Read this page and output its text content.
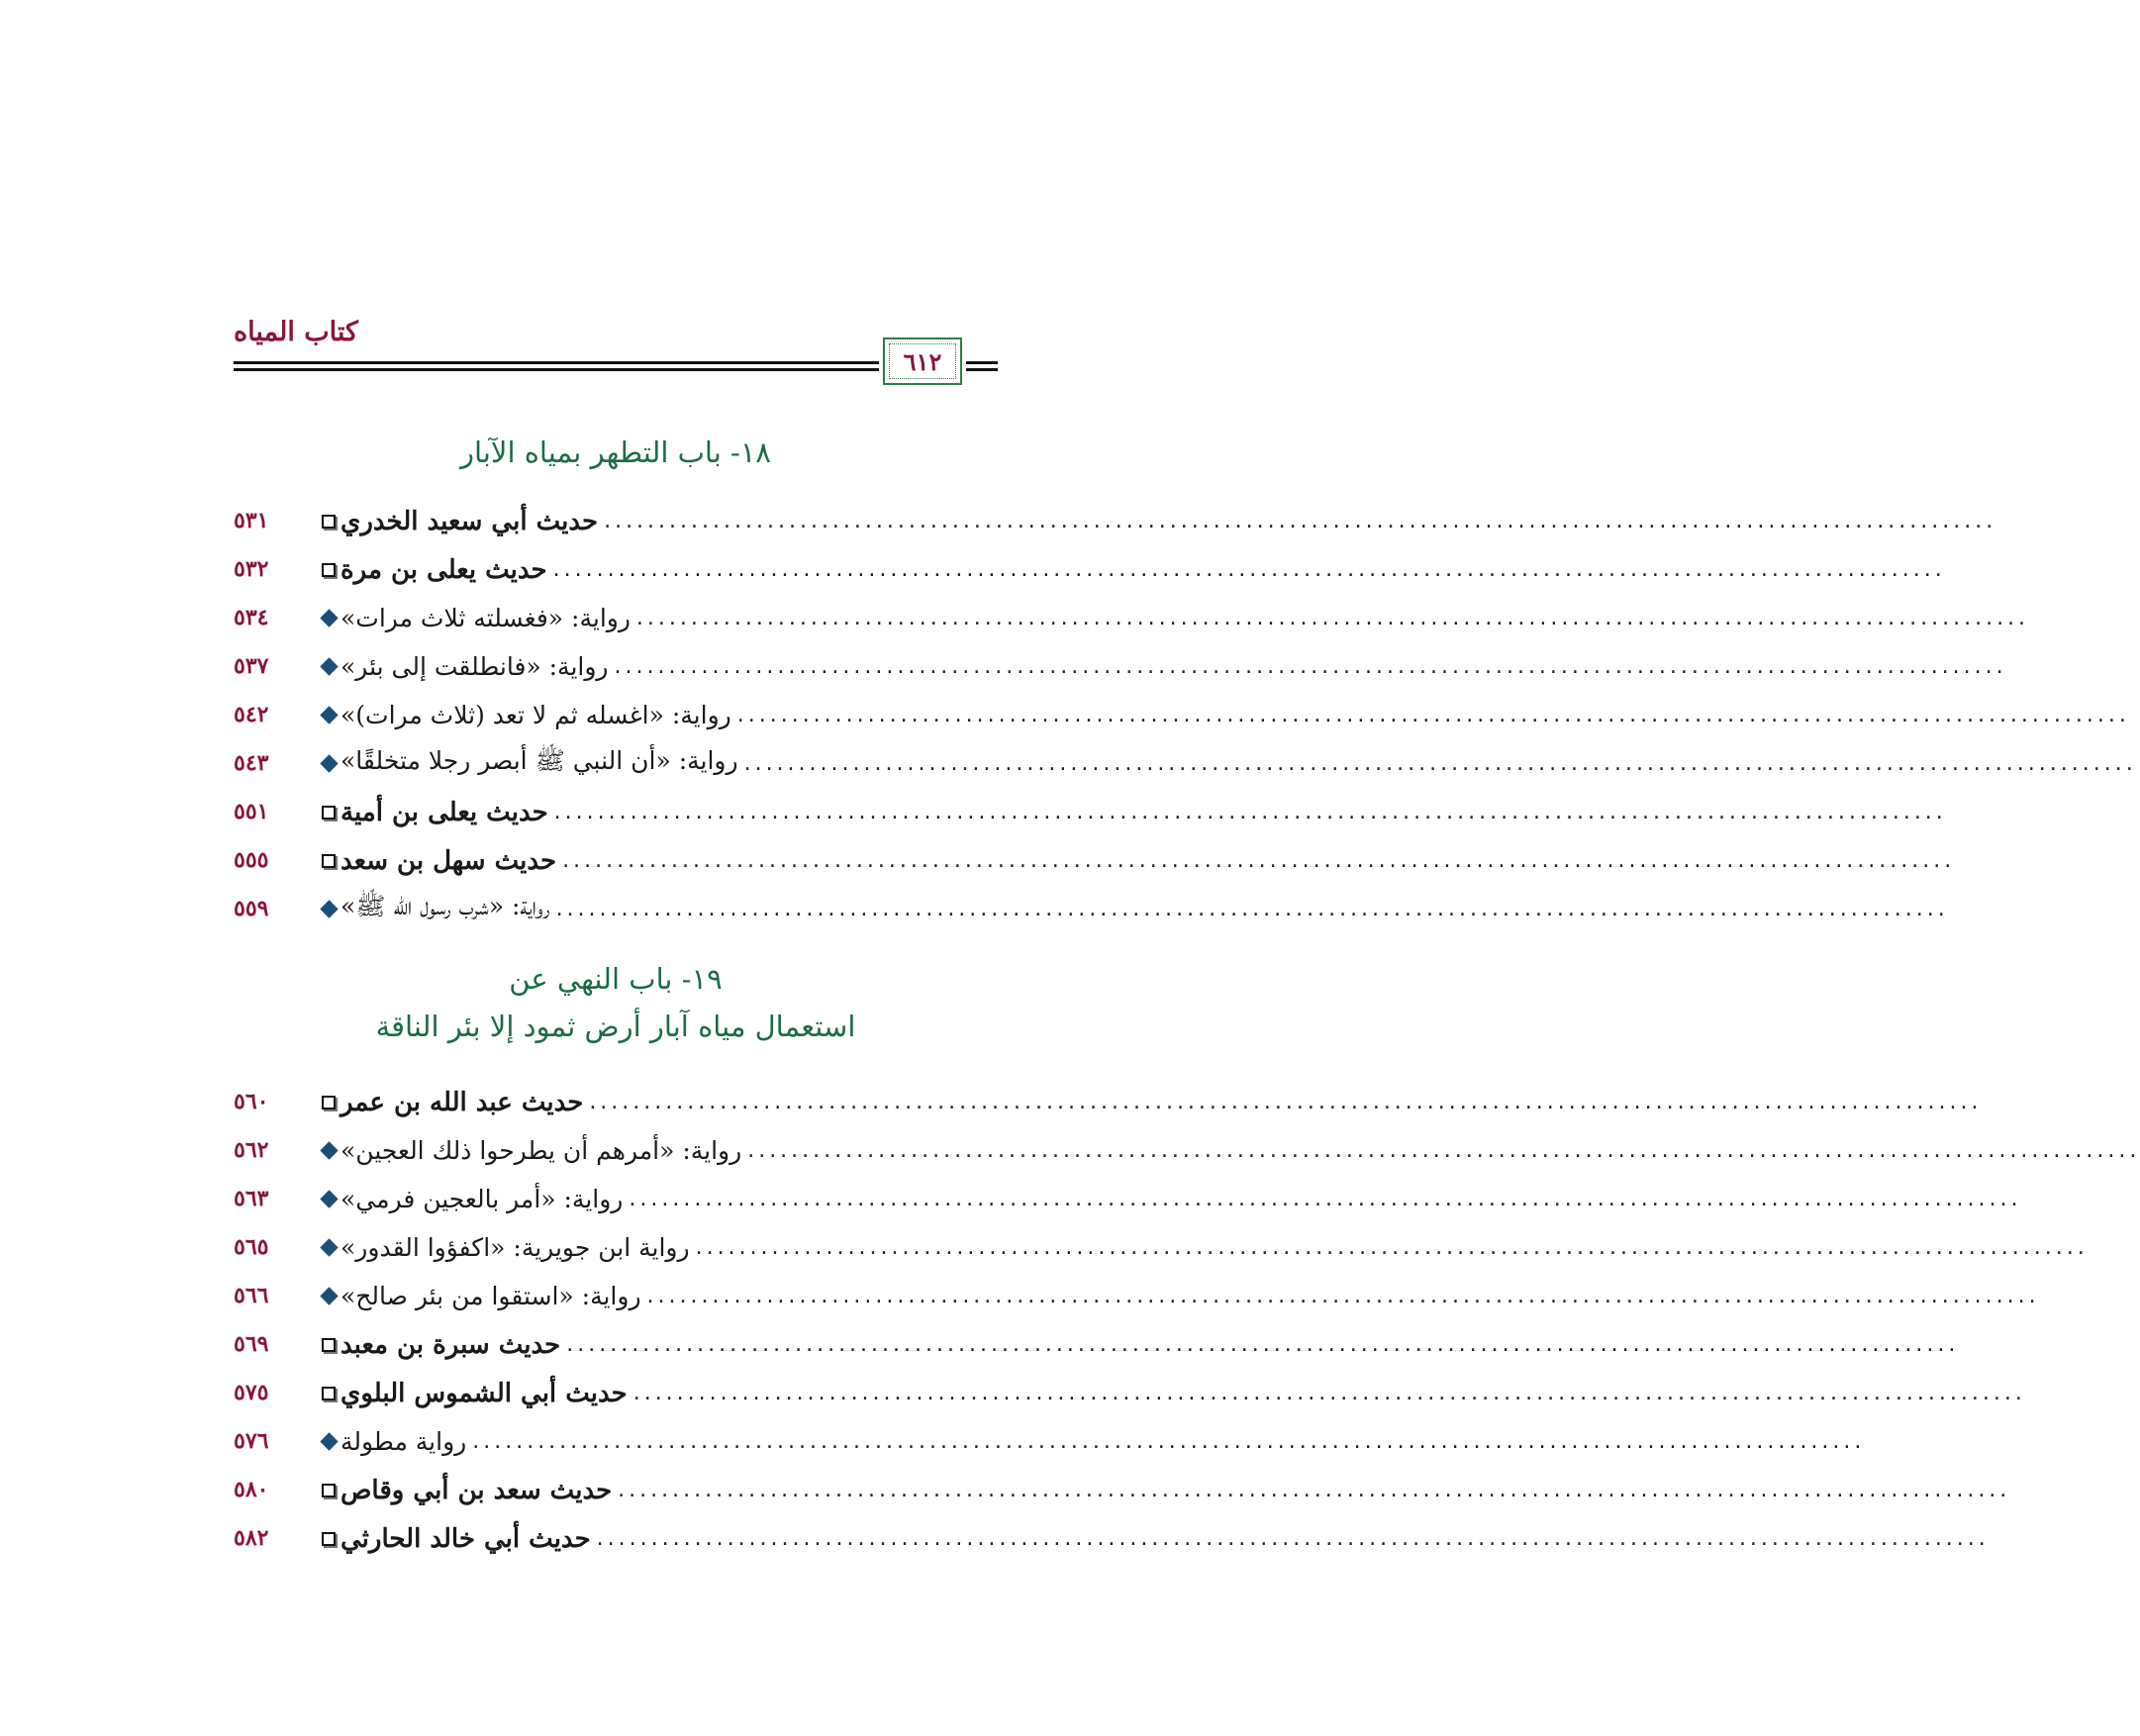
كتاب المياه
٦١٢
١٨- باب التطهر بمياه الآبار
٥٣١	حديث أبي سعيد الخدري ................................................................................................................................
٥٣٢	حديث يعلى بن مرة ................................................................................................................................
٥٣٤	رواية: «فغسلته ثلاث مرات» ................................................................................................................................
٥٣٧	رواية: «فانطلقت إلى بئر» ................................................................................................................................
٥٤٢	رواية: «اغسله ثم لا تعد (ثلاث مرات)» ................................................................................................................................
٥٤٣	رواية: «أن النبي ﷺ أبصر رجلا متخلقًا» ................................................................................................................................
٥٥١	حديث يعلى بن أمية ................................................................................................................................
٥٥٥	حديث سهل بن سعد ................................................................................................................................
٥٥٩	رواية: «شرب رسول الله ﷺ» ................................................................................................................................
١٩- باب النهي عن
استعمال مياه آبار أرض ثمود إلا بئر الناقة
٥٦٠	حديث عبد الله بن عمر ................................................................................................................................
٥٦٢	رواية: «أمرهم أن يطرحوا ذلك العجين» ................................................................................................................................
٥٦٣	رواية: «أمر بالعجين فرمي» ................................................................................................................................
٥٦٥	رواية ابن جويرية: «اكفؤوا القدور» ................................................................................................................................
٥٦٦	رواية: «استقوا من بئر صالح» ................................................................................................................................
٥٦٩	حديث سبرة بن معبد ................................................................................................................................
٥٧٥	حديث أبي الشموس البلوي ................................................................................................................................
٥٧٦	رواية مطولة ................................................................................................................................
٥٨٠	حديث سعد بن أبي وقاص ................................................................................................................................
٥٨٢	حديث أبي خالد الحارثي ................................................................................................................................
